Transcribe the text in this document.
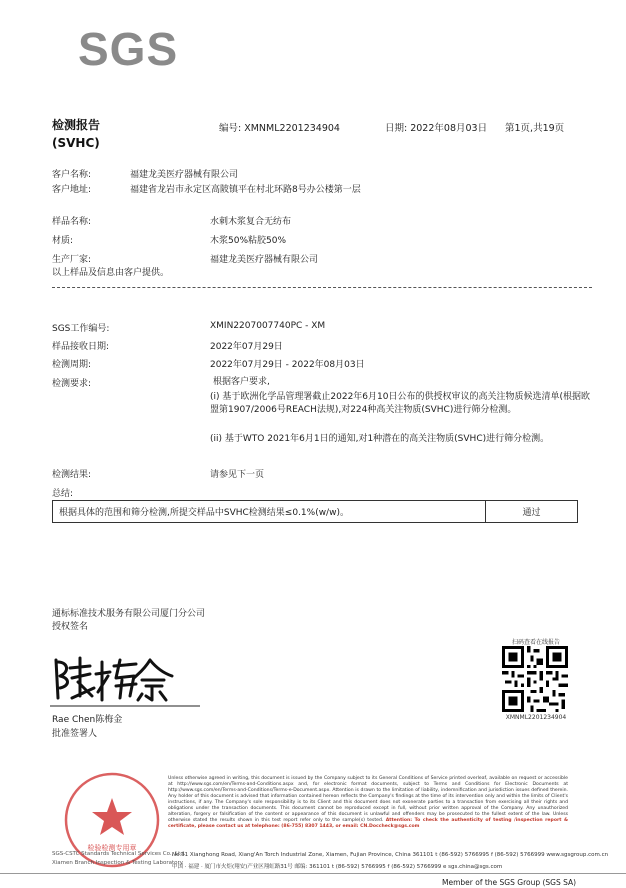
SGS
检测报告
(SVHC)
编号: XMNML2201234904	日期: 2022年08月03日 第1页,共19页
客户名称:	福建龙美医疗器械有限公司
客户地址:	福建省龙岩市永定区高陂镇平在村北环路8号办公楼第一层
样品名称:	水刺木浆复合无纺布
材质:	木浆50%粘胶50%
生产厂家:	福建龙美医疗器械有限公司
以上样品及信息由客户提供。
SGS工作编号:	XMIN2207007740PC - XM
样品接收日期:	2022年07月29日
检测周期:	2022年07月29日 - 2022年08月03日
检测要求:	根据客户要求,
(i) 基于欧洲化学品管理署截止2022年6月10日公布的供授权审议的高关注物质候选清单(根据欧盟第1907/2006号REACH法规),对224种高关注物质(SVHC)进行筛分检测。
(ii) 基于WTO 2021年6月1日的通知,对1种潜在的高关注物质(SVHC)进行筛分检测。
检测结果:	请参见下一页
总结:
根据具体的范围和筛分检测,所提交样品中SVHC检测结果≤0.1%(w/w)。	通过
通标标准技术服务有限公司厦门分公司
授权签名
Rae Chen陈梅金
批准签署人
扫码查看在线报告
XMNML2201234904
检验检测专用章
Unless otherwise agreed in writing, this document is issued by the Company subject to its General Conditions of Service printed overleaf, available on request or accessible at http://www.sgs.com/en/Terms-and-Conditions.aspx and, for electronic format documents, subject to Terms and Conditions for Electronic Documents at http://www.sgs.com/en/Terms-and-Conditions/Terms-e-Document.aspx. Attention is drawn to the limitation of liability, indemnification and jurisdiction issues defined therein. Any holder of this document is advised that information contained hereon reflects the Company's findings at the time of its intervention only and within the limits of Client's instructions, if any. The Company's sole responsibility is to its Client and this document does not exonerate parties to a transaction from exercising all their rights and obligations under the transaction documents. This document cannot be reproduced except in full, without prior written approval of the Company. Any unauthorized alteration, forgery or falsification of the content or appearance of this document is unlawful and offenders may be prosecuted to the fullest extent of the law. Unless otherwise stated the results shown in this test report refer only to the sample(s) tested. Attention: To check the authenticity of testing /inspection report & certificate, please contact us at telephone: (86-755) 8307 1443, or email: CN.Doccheck@sgs.com
SGS-CSTC Standards Technical Services Co., Ltd.
Xiamen Branch Inspection & Testing Laboratory
No.31 Xianghong Road, Xiang'An Torch Industrial Zone, Xiamen, Fujian Province, China 361101 t (86-592) 5766995 f (86-592) 5766999 www.sgsgroup.com.cn
中国 · 福建 · 厦门市火炬(翔安)产业区翔虹路31号 邮编: 361101 t (86-592) 5766995 f (86-592) 5766999 e sgs.china@sgs.com
Member of the SGS Group (SGS SA)
